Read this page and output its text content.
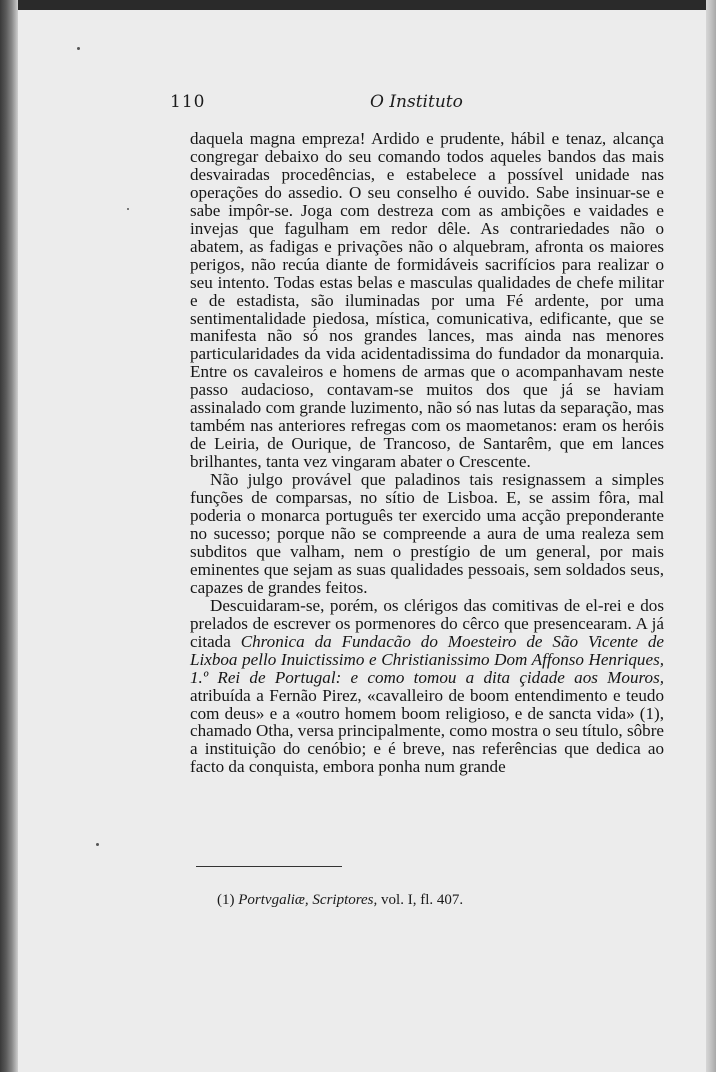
110	O Instituto

daquela magna empreza! Ardido e prudente, hábil e tenaz, alcança congregar debaixo do seu comando todos aqueles bandos das mais desvairadas procedências, e estabelece a possível unidade nas operações do assedio. O seu conselho é ouvido. Sabe insinuar-se e sabe impôr-se. Joga com destreza com as ambições e vaidades e invejas que fagulham em redor dêle. As contrariedades não o abatem, as fadigas e privações não o alquebram, afronta os maiores perigos, não recúa diante de formidáveis sacrifícios para realizar o seu intento. Todas estas belas e masculas qualidades de chefe militar e de estadista, são iluminadas por uma Fé ardente, por uma sentimentalidade piedosa, mística, comunicativa, edificante, que se manifesta não só nos grandes lances, mas ainda nas menores particularidades da vida acidentadissima do fundador da monarquia. Entre os cavaleiros e homens de armas que o acompanhavam neste passo audacioso, contavam-se muitos dos que já se haviam assinalado com grande luzimento, não só nas lutas da separação, mas também nas anteriores refregas com os maometanos: eram os heróis de Leiria, de Ourique, de Trancoso, de Santarêm, que em lances brilhantes, tanta vez vingaram abater o Crescente.

Não julgo provável que paladinos tais resignassem a simples funções de comparsas, no sítio de Lisboa. E, se assim fôra, mal poderia o monarca português ter exercido uma acção preponderante no sucesso; porque não se compreende a aura de uma realeza sem subditos que valham, nem o prestígio de um general, por mais eminentes que sejam as suas qualidades pessoais, sem soldados seus, capazes de grandes feitos.

Descuidaram-se, porém, os clérigos das comitivas de el-rei e dos prelados de escrever os pormenores do cêrco que presencearam. A já citada Chronica da Fundacão do Moesteiro de São Vicente de Lixboa pello Inuictissimo e Christianissimo Dom Affonso Henriques, 1.º Rei de Portugal: e como tomou a dita çidade aos Mouros, atribuída a Fernão Pirez, «cavalleiro de boom entendimento e teudo com deus» e a «outro homem boom religioso, e de sancta vida» (1), chamado Otha, versa principalmente, como mostra o seu título, sôbre a instituição do cenóbio; e é breve, nas referências que dedica ao facto da conquista, embora ponha num grande

(1) Portvgaliæ, Scriptores, vol. I, fl. 407.
